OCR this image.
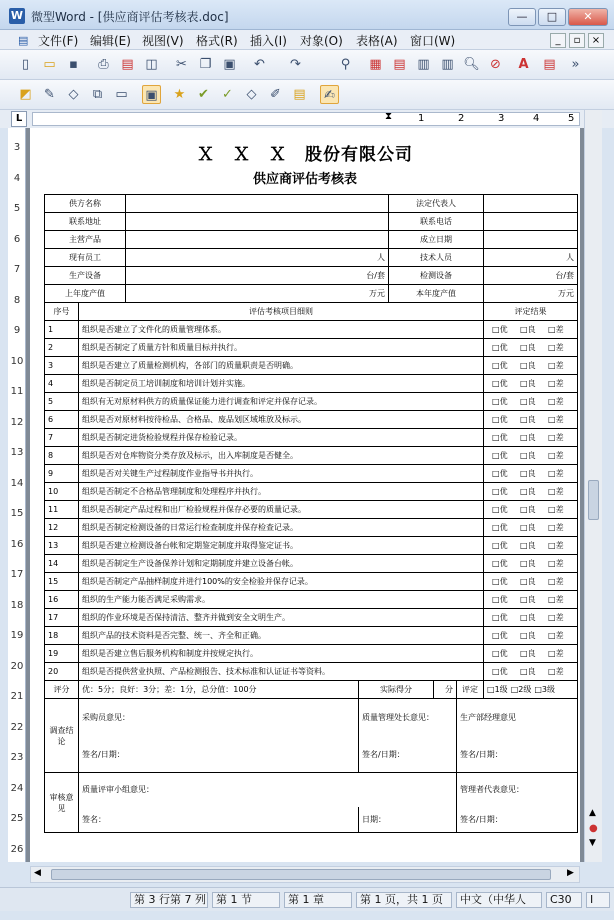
W 微型Word - [供应商评估考核表.doc]	—	□	✕
▤ 文件(F) 编辑(E) 视图(V) 格式(R) 插入(I) 对象(O) 表格(A) 窗口(W)	_	▫	×
▯	▭	▪	⎙ ▤ ◫	✂ ❐ ▣	↶	↷	⚲	▦ ▤ ▥ ▥ 🔍︎ ⊘	A	▤	»
◩ ✎	◇	⧉	▭ ▣ ★ ✔	✓	◇	✐ ▤	✍
L	⧗	1	2	3	4	5
3
4
5
6
7
8
9
10
11
12
13
14
15
16
17
18
19
20
21
22
23
24
25
26
Ｘ　Ｘ　Ｘ　股份有限公司
供应商评估考核表
供方名称				法定代表人			
联系地址				联系电话			
主营产品				成立日期			
现有员工		人		技术人员			人
生产设备		台/套		检测设备			台/套
上年度产值		万元		本年度产值			万元
序号	评估考核项目细则						评定结果
1	组织是否建立了文件化的质量管理体系。						□优 □良 □差
2	组织是否制定了质量方针和质量目标并执行。						□优 □良 □差
3	组织是否建立了质量检测机构，各部门的质量职责是否明确。						□优 □良 □差
4	组织是否制定员工培训制度和培训计划并实施。						□优 □良 □差
5	组织有无对原材料供方的质量保证能力进行调查和评定并保存记录。						□优 □良 □差
6	组织是否对原材料按待检品、合格品、废品划区域堆放及标示。						□优 □良 □差
7	组织是否制定进货检验规程并保存检验记录。						□优 □良 □差
8	组织是否对仓库物资分类存放及标示，出入库制度是否健全。						□优 □良 □差
9	组织是否对关键生产过程制度作业指导书并执行。						□优 □良 □差
10	组织是否制定不合格品管理制度和处理程序并执行。						□优 □良 □差
11	组织是否制定产品过程和出厂检验规程并保存必要的质量记录。						□优 □良 □差
12	组织是否制定检测设备的日常运行检查制度并保存检查记录。						□优 □良 □差
13	组织是否建立检测设备台帐和定期鉴定制度并取得鉴定证书。						□优 □良 □差
14	组织是否制定生产设备保养计划和定期制度并建立设备台帐。						□优 □良 □差
15	组织是否制定产品抽样制度并进行100%的安全检验并保存记录。						□优 □良 □差
16	组织的生产能力能否满足采购需求。						□优 □良 □差
17	组织的作业环境是否保持清洁、整齐并做到安全文明生产。						□优 □良 □差
18	组织产品的技术资料是否完整、统一、齐全和正确。						□优 □良 □差
19	组织是否建立售后服务机构和制度并按规定执行。						□优 □良 □差
20	组织是否提供营业执照、产品检测报告、技术标准和认证证书等资料。						□优 □良 □差
评分	优：5分；良好：3分；差：1分，总分值：100分		实际得分		分	评定	□1级 □2级 □3级
调查结论	采购员意见：		质量管理处长意见：			生产部经理意见	
	签名/日期：		签名/日期：			签名/日期：	
审核意见	质量评审小组意见：					管理者代表意见：	
	签名：		日期：			签名/日期：	
▲
●
▼
◀	▶
第 3 行第 7 列 第 1 节	第 1 章	第 1 页，共 1 页	中文（中华人	C30	I
